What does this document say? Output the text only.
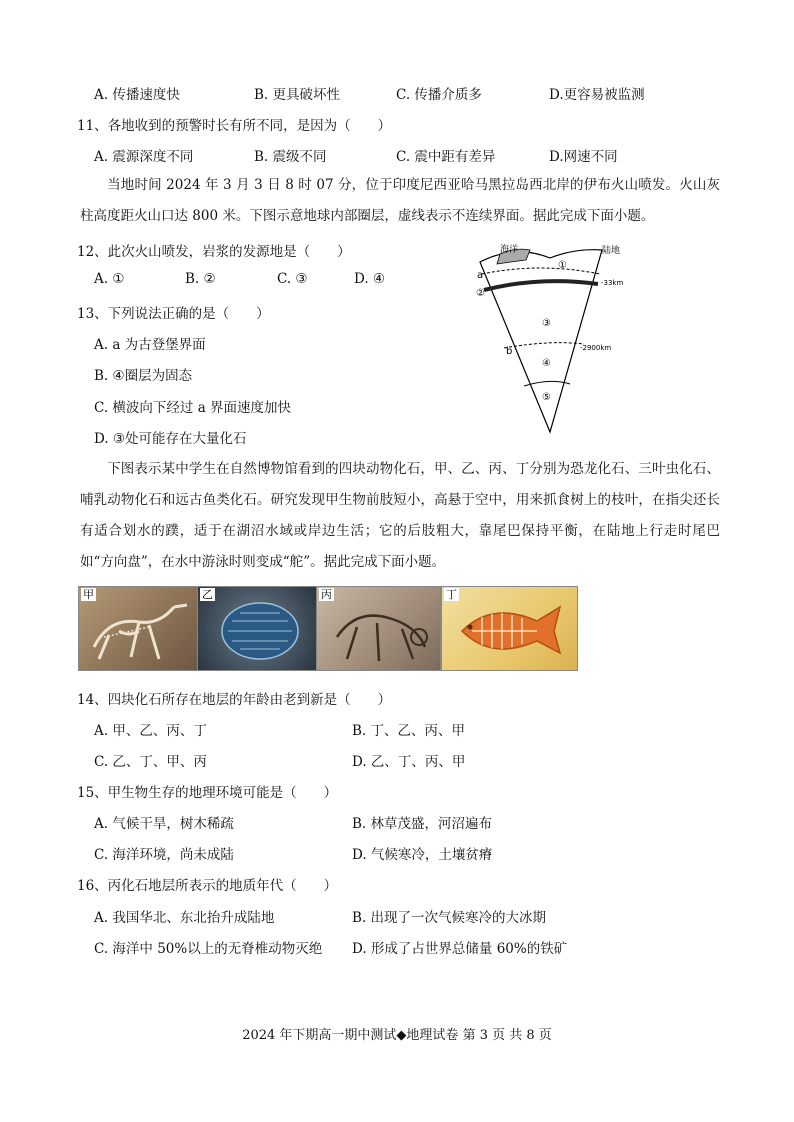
A. 传播速度快	B. 更具破坏性	C. 传播介质多	D.更容易被监测
11、各地收到的预警时长有所不同，是因为（　　）
A. 震源深度不同	B. 震级不同	C. 震中距有差异	D.网速不同
当地时间 2024 年 3 月 3 日 8 时 07 分，位于印度尼西亚哈马黑拉岛西北岸的伊布火山喷发。火山灰柱高度距火山口达 800 米。下图示意地球内部圈层，虚线表示不连续界面。据此完成下面小题。
12、此次火山喷发，岩浆的发源地是（　　）
A. ①	B. ②	C. ③	D. ④
13、下列说法正确的是（　　）
A. a 为古登堡界面
B. ④圈层为固态
C. 横波向下经过 a 界面速度加快
D. ③处可能存在大量化石
海洋	陆地
a
②
①
-33km
③
b	-2900km
④
⑤
下图表示某中学生在自然博物馆看到的四块动物化石，甲、乙、丙、丁分别为恐龙化石、三叶虫化石、哺乳动物化石和远古鱼类化石。研究发现甲生物前肢短小，高悬于空中，用来抓食树上的枝叶，在指尖还长有适合划水的蹼，适于在湖沼水域或岸边生活；它的后肢粗大，靠尾巴保持平衡，在陆地上行走时尾巴如“方向盘”，在水中游泳时则变成“舵”。据此完成下面小题。
甲	乙	丙	丁
14、四块化石所存在地层的年龄由老到新是（　　）
A. 甲、乙、丙、丁	B. 丁、乙、丙、甲
C. 乙、丁、甲、丙	D. 乙、丁、丙、甲
15、甲生物生存的地理环境可能是（　　）
A. 气候干旱，树木稀疏	B. 林草茂盛，河沼遍布
C. 海洋环境，尚未成陆	D. 气候寒冷，土壤贫瘠
16、丙化石地层所表示的地质年代（　　）
A. 我国华北、东北抬升成陆地	B. 出现了一次气候寒冷的大冰期
C. 海洋中 50%以上的无脊椎动物灭绝 D. 形成了占世界总储量 60%的铁矿
2024 年下期高一期中测试◆地理试卷 第 3 页 共 8 页
